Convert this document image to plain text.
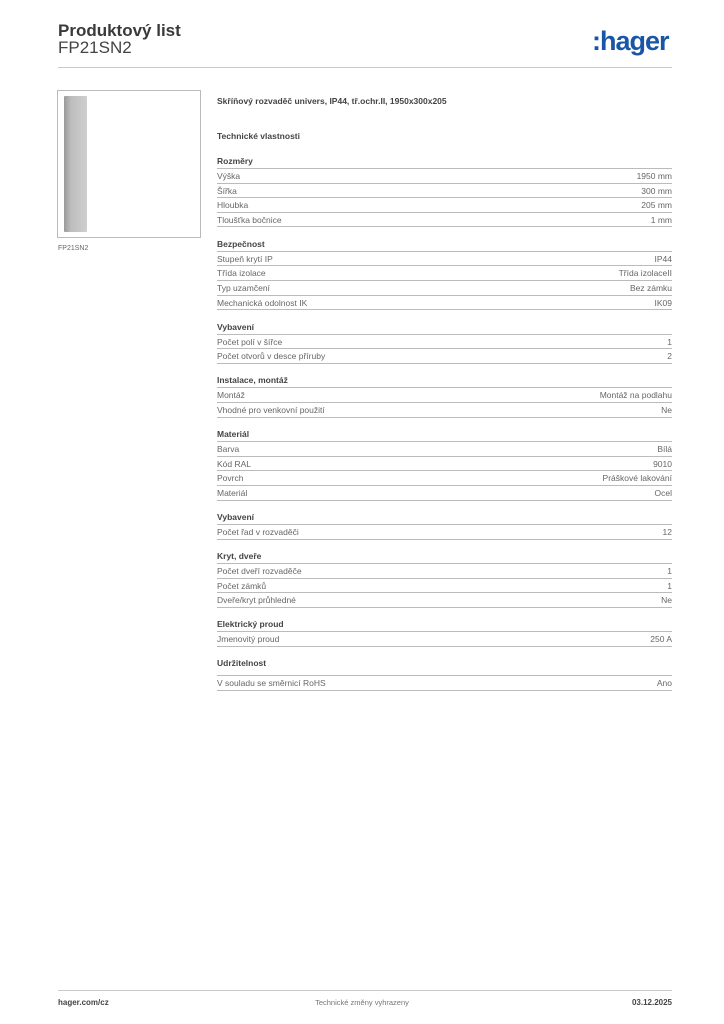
Produktový list
FP21SN2	:hager
FP21SN2
Skříňový rozvaděč univers, IP44, tř.ochr.II, 1950x300x205
Technické vlastnosti
Rozměry
Výška	1950 mm
Šířka	300 mm
Hloubka	205 mm
Tloušťka bočnice	1 mm
Bezpečnost
Stupeň krytí IP	IP44
Třída izolace	Třída izolaceII
Typ uzamčení	Bez zámku
Mechanická odolnost IK	IK09
Vybavení
Počet polí v šířce	1
Počet otvorů v desce příruby	2
Instalace, montáž
Montáž	Montáž na podlahu
Vhodné pro venkovní použití	Ne
Materiál
Barva	Bílá
Kód RAL	9010
Povrch	Práškové lakování
Materiál	Ocel
Vybavení
Počet řad v rozvaděči	12
Kryt, dveře
Počet dveří rozvaděče	1
Počet zámků	1
Dveře/kryt průhledné	Ne
Elektrický proud
Jmenovitý proud	250 A
Udržitelnost
V souladu se směrnicí RoHS	Ano
hager.com/cz	Technické změny vyhrazeny	03.12.2025
